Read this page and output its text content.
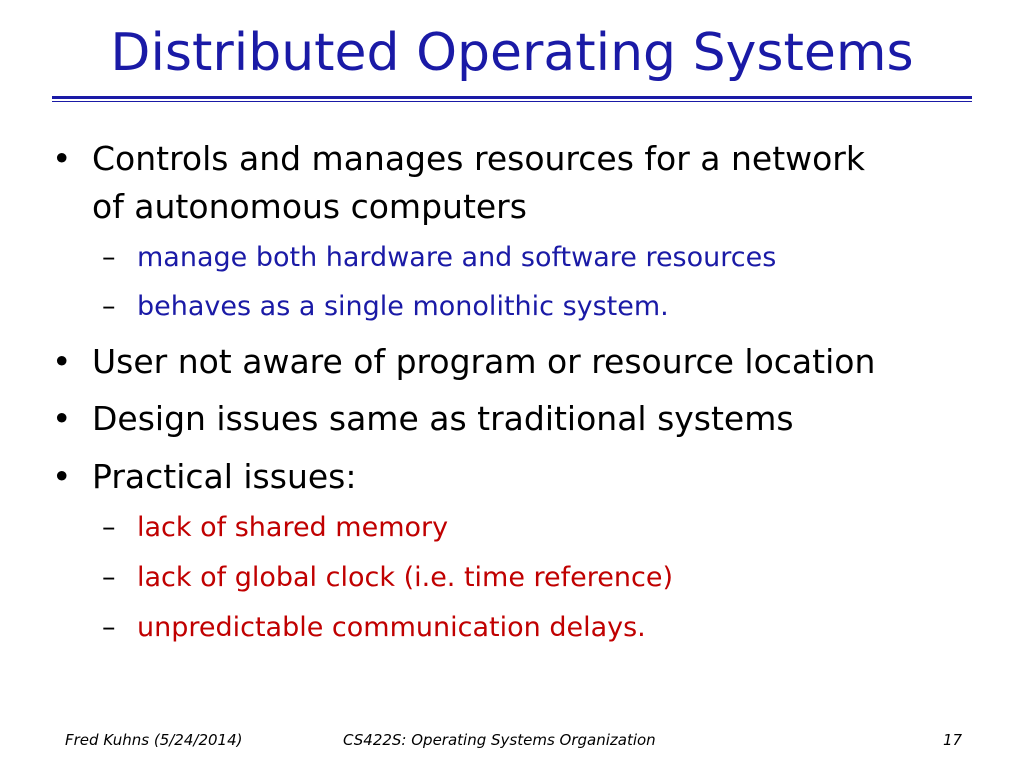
Distributed Operating Systems
• Controls and manages resources for a network
of autonomous computers
– manage both hardware and software resources
– behaves as a single monolithic system.
• User not aware of program or resource location
• Design issues same as traditional systems
• Practical issues:
– lack of shared memory
– lack of global clock (i.e. time reference)
– unpredictable communication delays.
Fred Kuhns (5/24/2014)	CS422S: Operating Systems Organization	17
